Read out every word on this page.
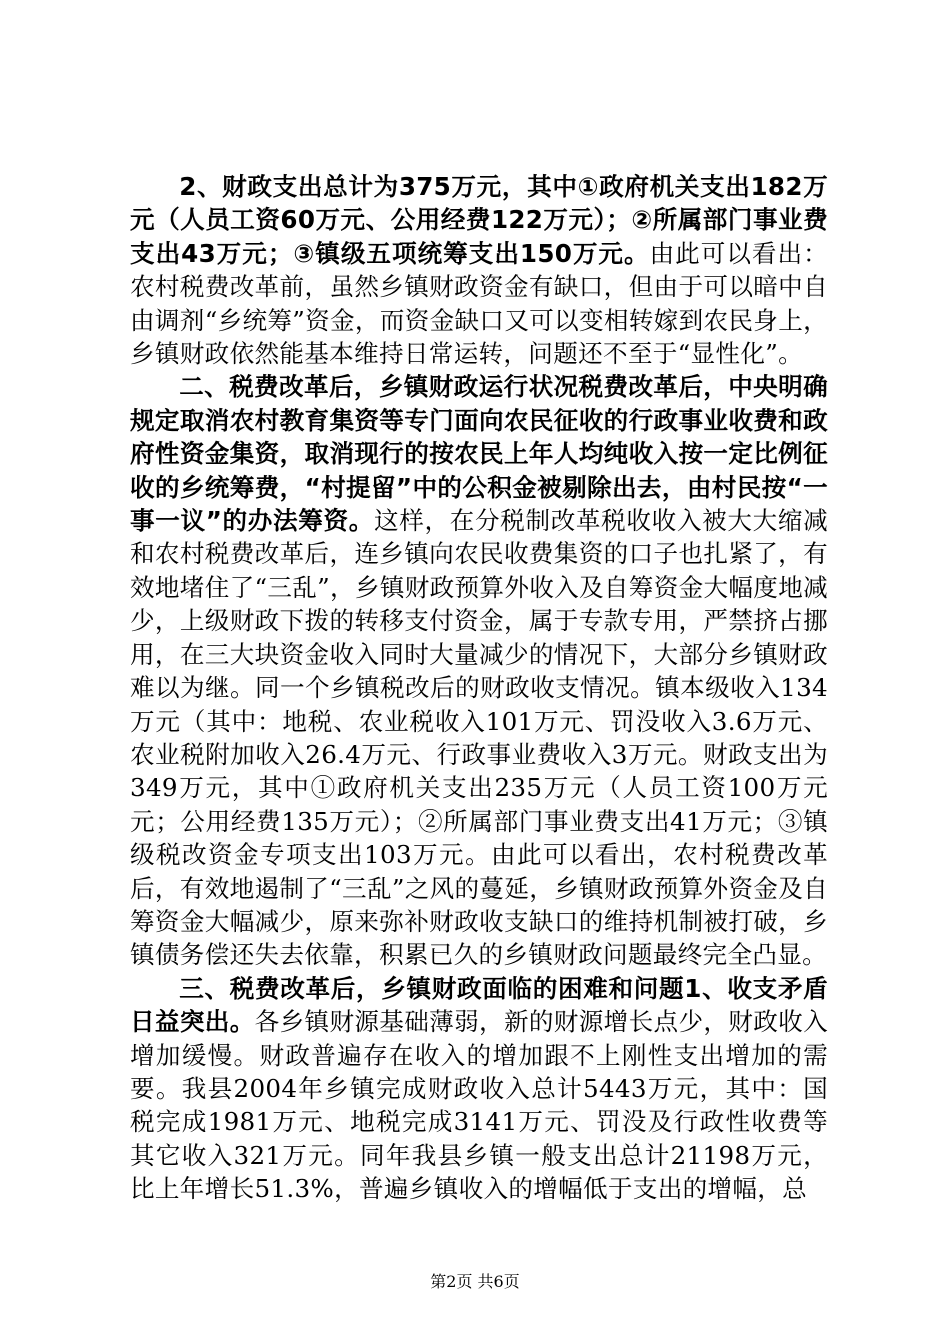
2、财政支出总计为375万元，其中①政府机关支出182万元（人员工资60万元、公用经费122万元）；②所属部门事业费支出43万元；③镇级五项统筹支出150万元。由此可以看出：农村税费改革前，虽然乡镇财政资金有缺口，但由于可以暗中自由调剂“乡统筹”资金，而资金缺口又可以变相转嫁到农民身上，乡镇财政依然能基本维持日常运转，问题还不至于“显性化”。

二、税费改革后，乡镇财政运行状况税费改革后，中央明确规定取消农村教育集资等专门面向农民征收的行政事业收费和政府性资金集资，取消现行的按农民上年人均纯收入按一定比例征收的乡统筹费，“村提留”中的公积金被剔除出去，由村民按“一事一议”的办法筹资。这样，在分税制改革税收收入被大大缩减和农村税费改革后，连乡镇向农民收费集资的口子也扎紧了，有效地堵住了“三乱”，乡镇财政预算外收入及自筹资金大幅度地减少，上级财政下拨的转移支付资金，属于专款专用，严禁挤占挪用，在三大块资金收入同时大量减少的情况下，大部分乡镇财政难以为继。同一个乡镇税改后的财政收支情况。镇本级收入134万元（其中：地税、农业税收入101万元、罚没收入3.6万元、农业税附加收入26.4万元、行政事业费收入3万元。财政支出为349万元，其中①政府机关支出235万元（人员工资100万元元；公用经费135万元）；②所属部门事业费支出41万元；③镇级税改资金专项支出103万元。由此可以看出，农村税费改革后，有效地遏制了“三乱”之风的蔓延，乡镇财政预算外资金及自筹资金大幅减少，原来弥补财政收支缺口的维持机制被打破，乡镇债务偿还失去依靠，积累已久的乡镇财政问题最终完全凸显。

三、税费改革后，乡镇财政面临的困难和问题1、收支矛盾日益突出。各乡镇财源基础薄弱，新的财源增长点少，财政收入增加缓慢。财政普遍存在收入的增加跟不上刚性支出增加的需要。我县2004年乡镇完成财政收入总计5443万元，其中：国税完成1981万元、地税完成3141万元、罚没及行政性收费等其它收入321万元。同年我县乡镇一般支出总计21198万元，比上年增长51.3%，普遍乡镇收入的增幅低于支出的增幅，总

第2页 共6页
